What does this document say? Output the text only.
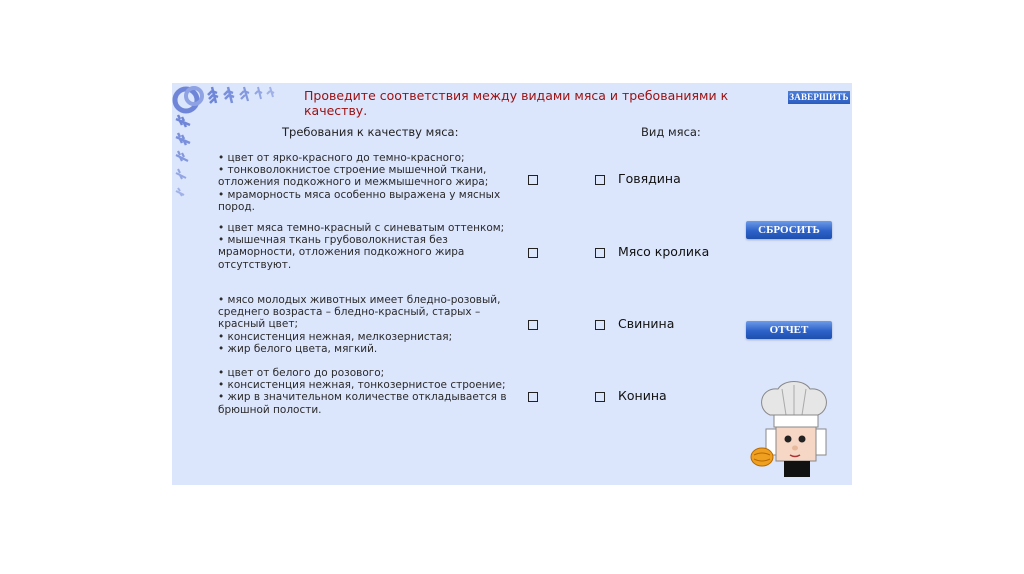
Проведите соответствия между видами мяса и требованиями к качеству.
ЗАВЕРШИТЬ
Требования к качеству мяса:	Вид мяса:
• цвет от ярко-красного до темно-красного;
• тонковолокнистое строение мышечной ткани, отложения подкожного и межмышечного жира;
• мраморность мяса особенно выражена у мясных пород.
• цвет мяса темно-красный с синеватым оттенком;
• мышечная ткань грубоволокнистая без мраморности, отложения подкожного жира отсутствуют.
• мясо молодых животных имеет бледно-розовый, среднего возраста – бледно-красный, старых – красный цвет;
• консистенция нежная, мелкозернистая;
• жир белого цвета, мягкий.
• цвет от белого до розового;
• консистенция нежная, тонкозернистое строение;
• жир в значительном количестве откладывается в брюшной полости.
Говядина
Мясо кролика
Свинина
Конина
СБРОСИТЬ
ОТЧЕТ
